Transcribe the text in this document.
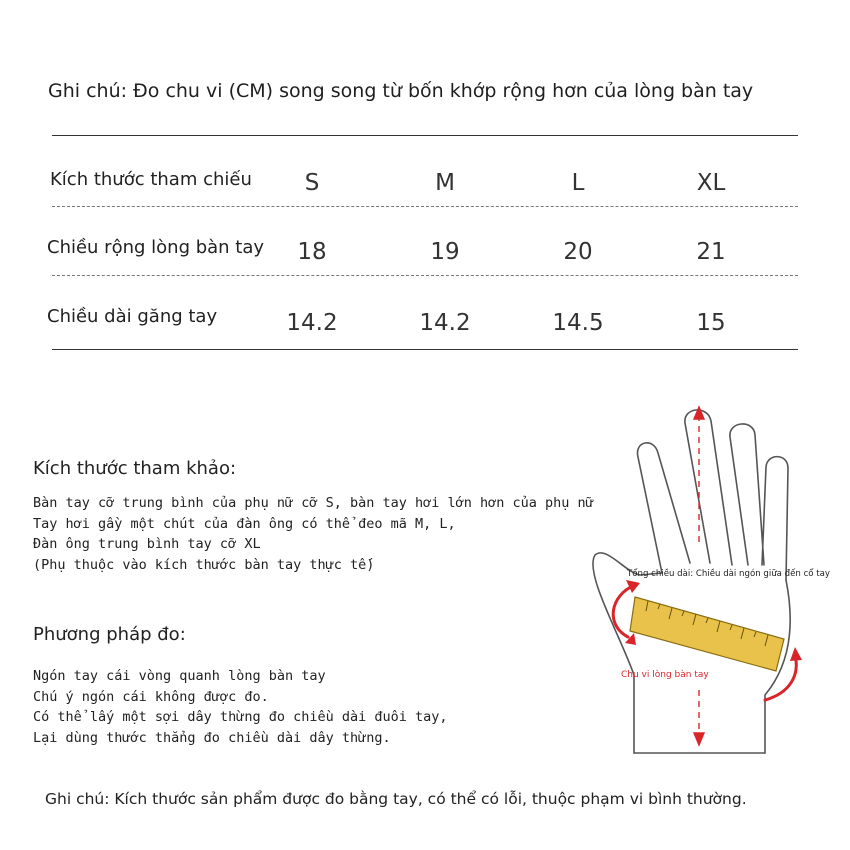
Ghi chú: Đo chu vi (CM) song song từ bốn khớp rộng hơn của lòng bàn tay
Kích thước tham chiếu	S	M	L	XL
Chiều rộng lòng bàn tay	18	19	20	21
Chiều dài găng tay	14.2	14.2	14.5	15
Kích thước tham khảo:
Bàn tay cỡ trung bình của phụ nữ cỡ S, bàn tay hơi lớn hơn của phụ nữ
Tay hơi gầy một chút của đàn ông có thể đeo mã M, L,
Đàn ông trung bình tay cỡ XL
(Phụ thuộc vào kích thước bàn tay thực tế)
Phương pháp đo:
Ngón tay cái vòng quanh lòng bàn tay
Chú ý ngón cái không được đo.
Có thể lấy một sợi dây thừng đo chiều dài đuôi tay,
Lại dùng thước thẳng đo chiều dài dây thừng.
Tổng chiều dài: Chiều dài ngón giữa đến cổ tay
Chu vi lòng bàn tay
Ghi chú: Kích thước sản phẩm được đo bằng tay, có thể có lỗi, thuộc phạm vi bình thường.
